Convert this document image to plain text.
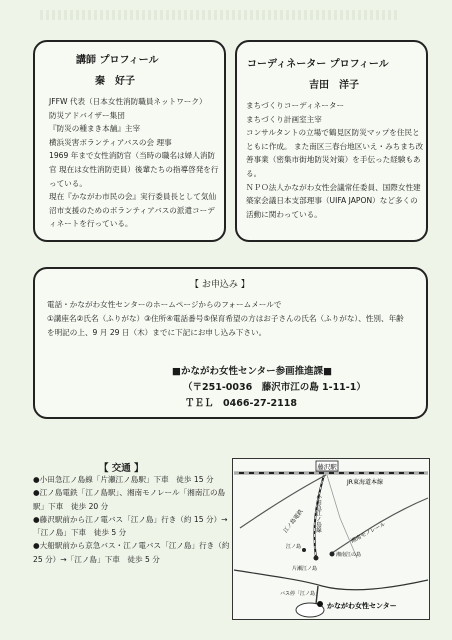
講師 プロフィール
秦　好子

JFFW 代表（日本女性消防職員ネットワーク）
防災アドバイザー集団
『防災の種まき本舗』主宰
横浜災害ボランティアバスの会 理事
1969 年まで女性消防官（当時の職名は婦人消防官 現在は女性消防吏員）後輩たちの指導啓発を行っている。
現在『かながわ市民の会』実行委員長として気仙沼市支援のためのボランティアバスの派遣コーディネートを行っている。

コーディネーター プロフィール
吉田　洋子

まちづくりコーディネーター
まちづくり計画室主宰
コンサルタントの立場で鶴見区防災マップを住民とともに作成。 また南区三春台地区いえ・みちまち改善事業（密集市街地防災対策）を手伝った経験もある。
ＮＰＯ法人かながわ女性会議常任委員、国際女性建築家会議日本支部理事（UIFA JAPON）など多くの活動に関わっている。

【 お申込み 】

電話・かながわ女性センターのホームページからのフォームメールで
①講座名②氏名（ふりがな）③住所④電話番号⑤保育希望の方はお子さんの氏名（ふりがな）、性別、年齢
を明記の上、9 月 29 日（木）までに下記にお申し込み下さい。

■かながわ女性センター参画推進課■
（〒251-0036　藤沢市江の島 1-11-1）
ＴＥＬ　0466-27-2118
【 交通 】

●小田急江ノ島線「片瀬江ノ島駅」下車　徒歩 15 分
●江ノ島電鉄「江ノ島駅」、湘南モノレール「湘南江の島駅」下車　徒歩 20 分
●藤沢駅前から江ノ電バス「江ノ島」行き（約 15 分）→「江ノ島」下車　徒歩 5 分
●大船駅前から京急バス・江ノ電バス「江ノ島」行き（約 25 分）→「江ノ島」下車　徒歩 5 分

藤沢駅
JR東海道本線
小田急江ノ島線
江ノ島電鉄	湘南モノレール
湘南江の島
片瀬江ノ島
江ノ島
バス停「江ノ島」
かながわ女性センター
